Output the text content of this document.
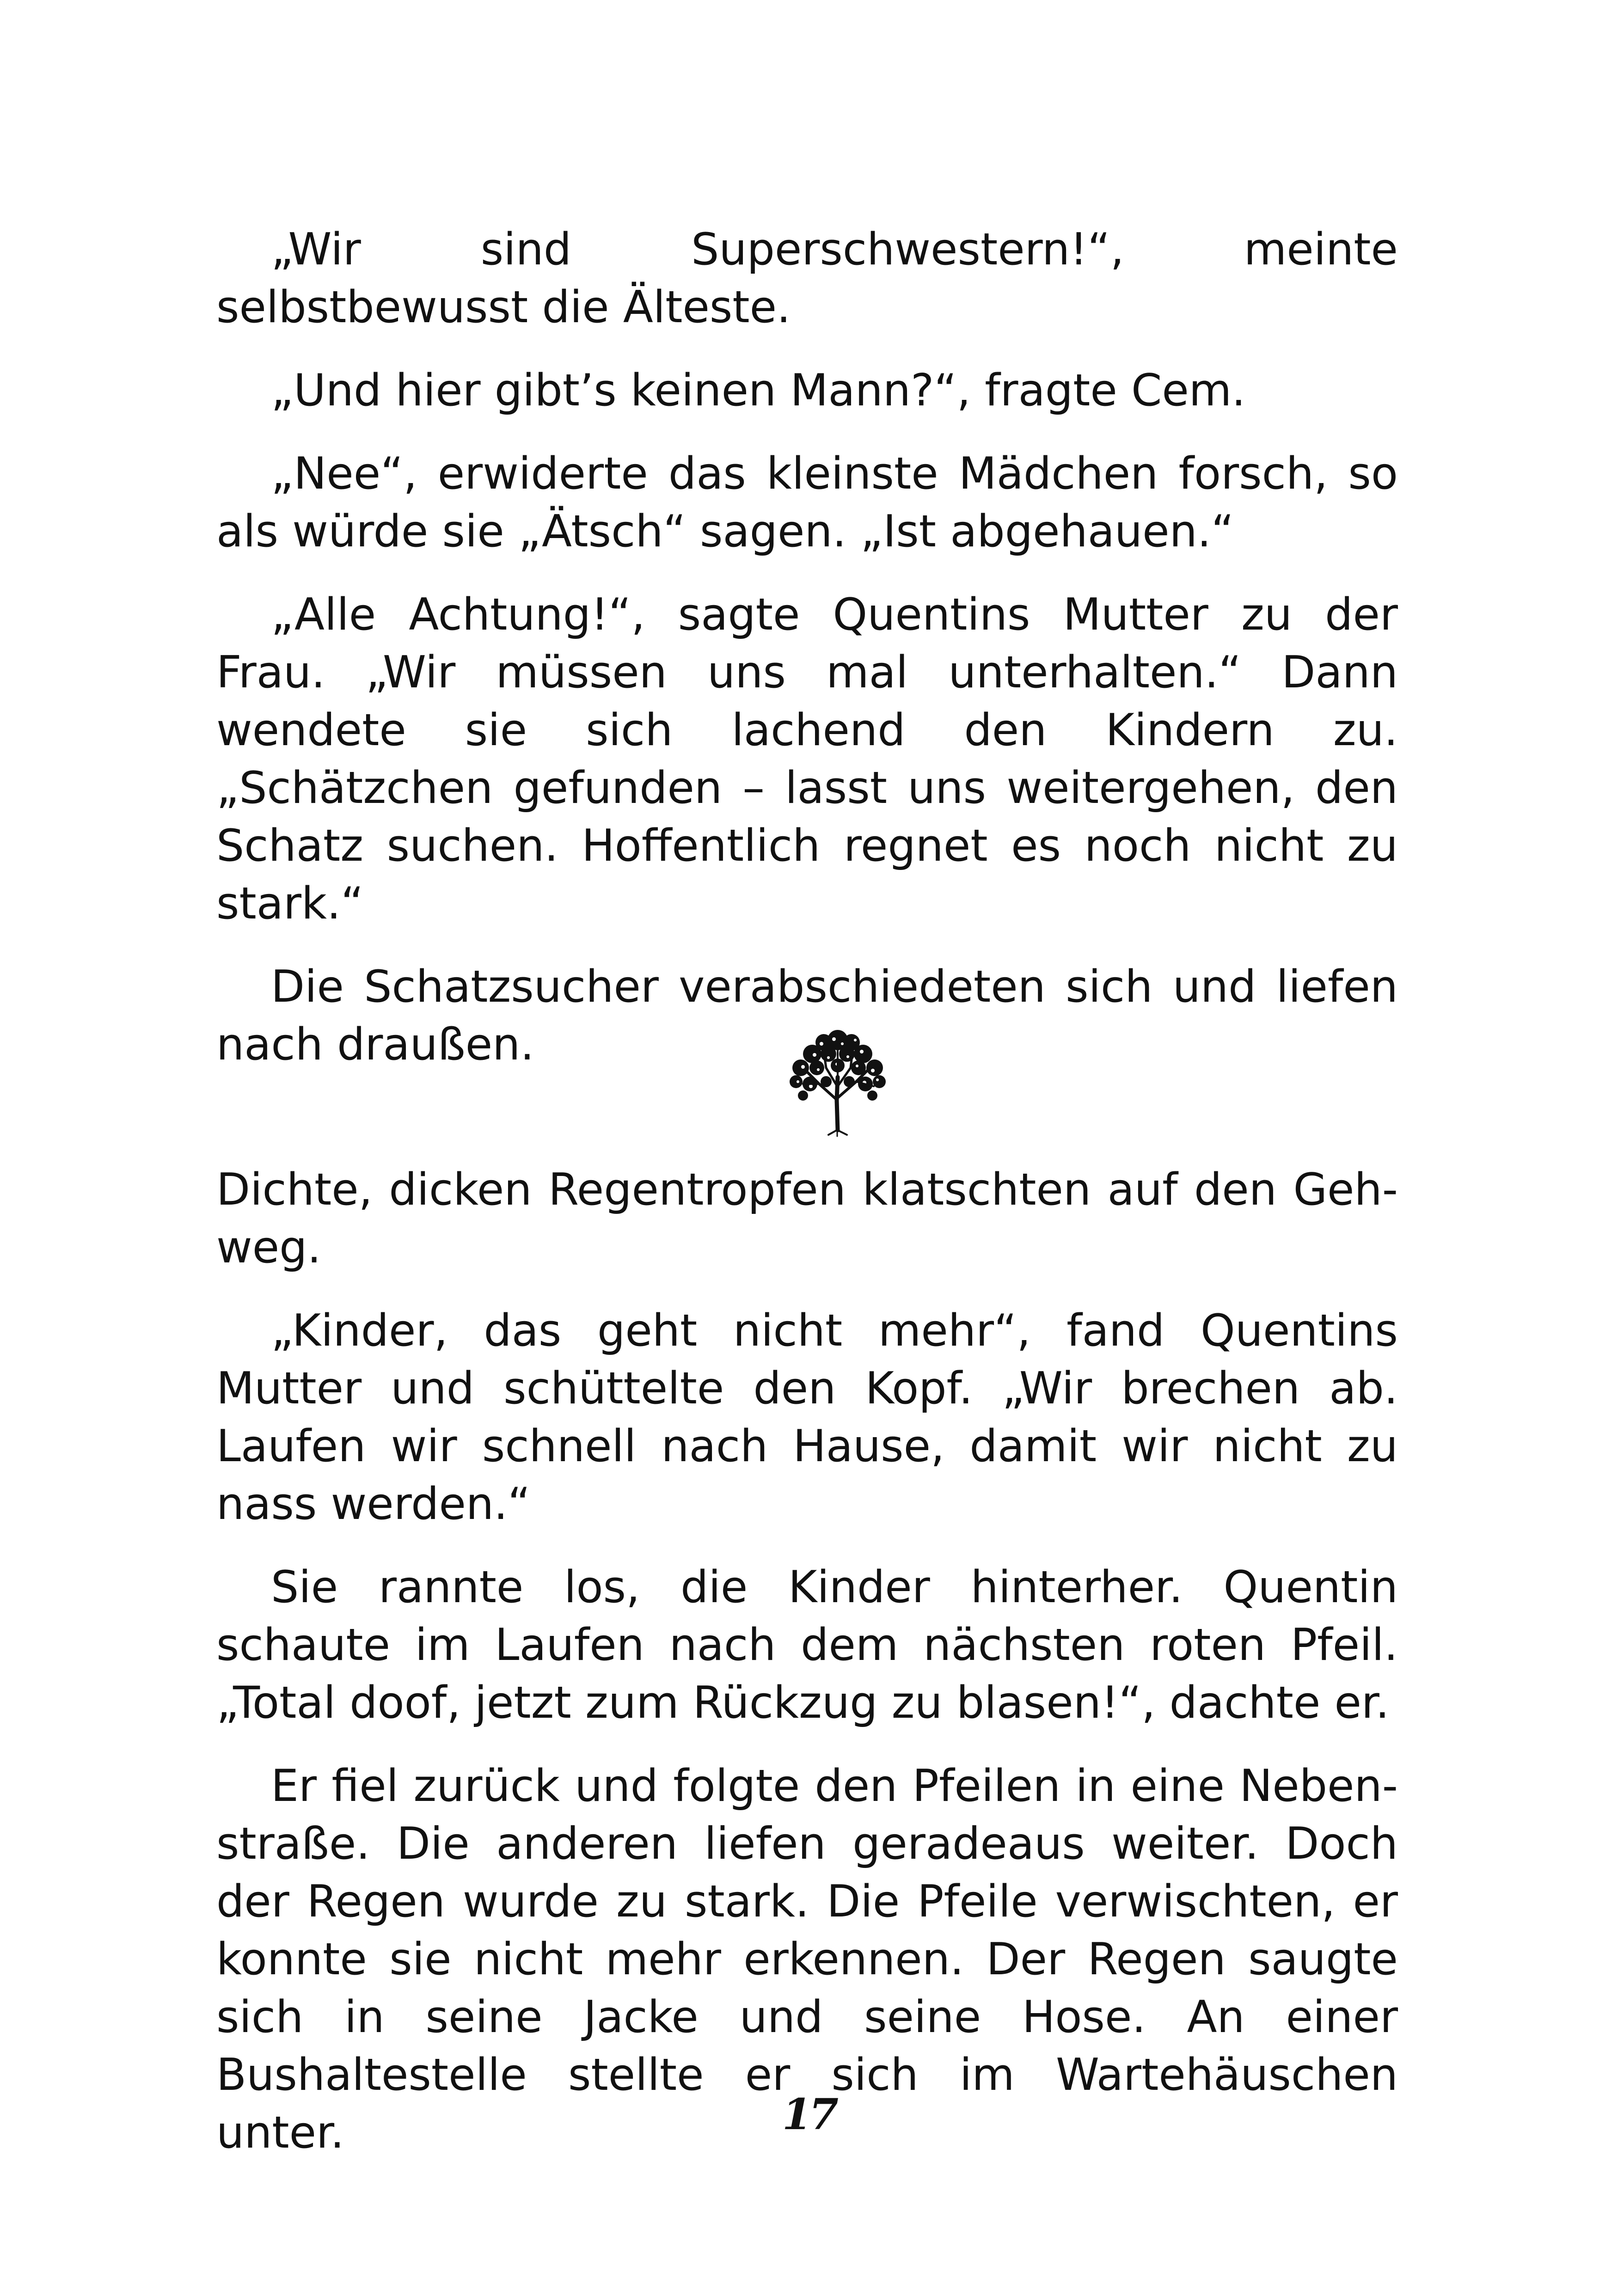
„Wir sind Superschwestern!“, meinte selbstbewusst die Älteste.

„Und hier gibt’s keinen Mann?“, fragte Cem.

„Nee“, erwiderte das kleinste Mädchen forsch, so als würde sie „Ätsch“ sagen. „Ist abgehauen.“

„Alle Achtung!“, sagte Quentins Mutter zu der Frau. „Wir müssen uns mal unterhalten.“ Dann wendete sie sich lachend den Kindern zu. „Schätzchen gefunden – lasst uns weitergehen, den Schatz suchen. Hoffentlich regnet es noch nicht zu stark.“

Die Schatzsucher verabschiedeten sich und liefen nach draußen.

Dichte, dicken Regentropfen klatschten auf den Gehweg.

„Kinder, das geht nicht mehr“, fand Quentins Mutter und schüttelte den Kopf. „Wir brechen ab. Laufen wir schnell nach Hause, damit wir nicht zu nass werden.“

Sie rannte los, die Kinder hinterher. Quentin schaute im Laufen nach dem nächsten roten Pfeil. „Total doof, jetzt zum Rückzug zu blasen!“, dachte er.

Er fiel zurück und folgte den Pfeilen in eine Nebenstraße. Die anderen liefen geradeaus weiter. Doch der Regen wurde zu stark. Die Pfeile verwischten, er konnte sie nicht mehr erkennen. Der Regen saugte sich in seine Jacke und seine Hose. An einer Bushaltestelle stellte er sich im Wartehäuschen unter.	17
